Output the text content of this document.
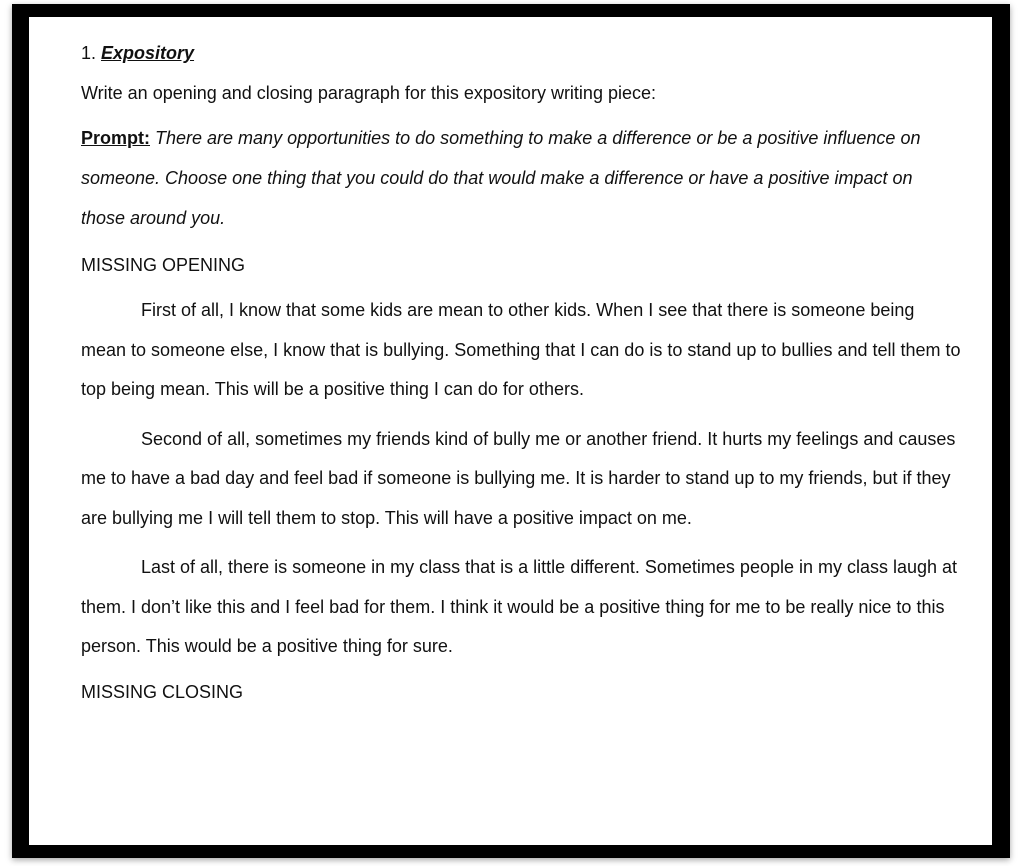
1. Expository

Write an opening and closing paragraph for this expository writing piece:

Prompt: There are many opportunities to do something to make a difference or be a positive influence on someone. Choose one thing that you could do that would make a difference or have a positive impact on those around you.

MISSING OPENING

First of all, I know that some kids are mean to other kids. When I see that there is someone being mean to someone else, I know that is bullying. Something that I can do is to stand up to bullies and tell them to top being mean. This will be a positive thing I can do for others.

Second of all, sometimes my friends kind of bully me or another friend. It hurts my feelings and causes me to have a bad day and feel bad if someone is bullying me. It is harder to stand up to my friends, but if they are bullying me I will tell them to stop. This will have a positive impact on me.

Last of all, there is someone in my class that is a little different. Sometimes people in my class laugh at them. I don’t like this and I feel bad for them. I think it would be a positive thing for me to be really nice to this person. This would be a positive thing for sure.

MISSING CLOSING
